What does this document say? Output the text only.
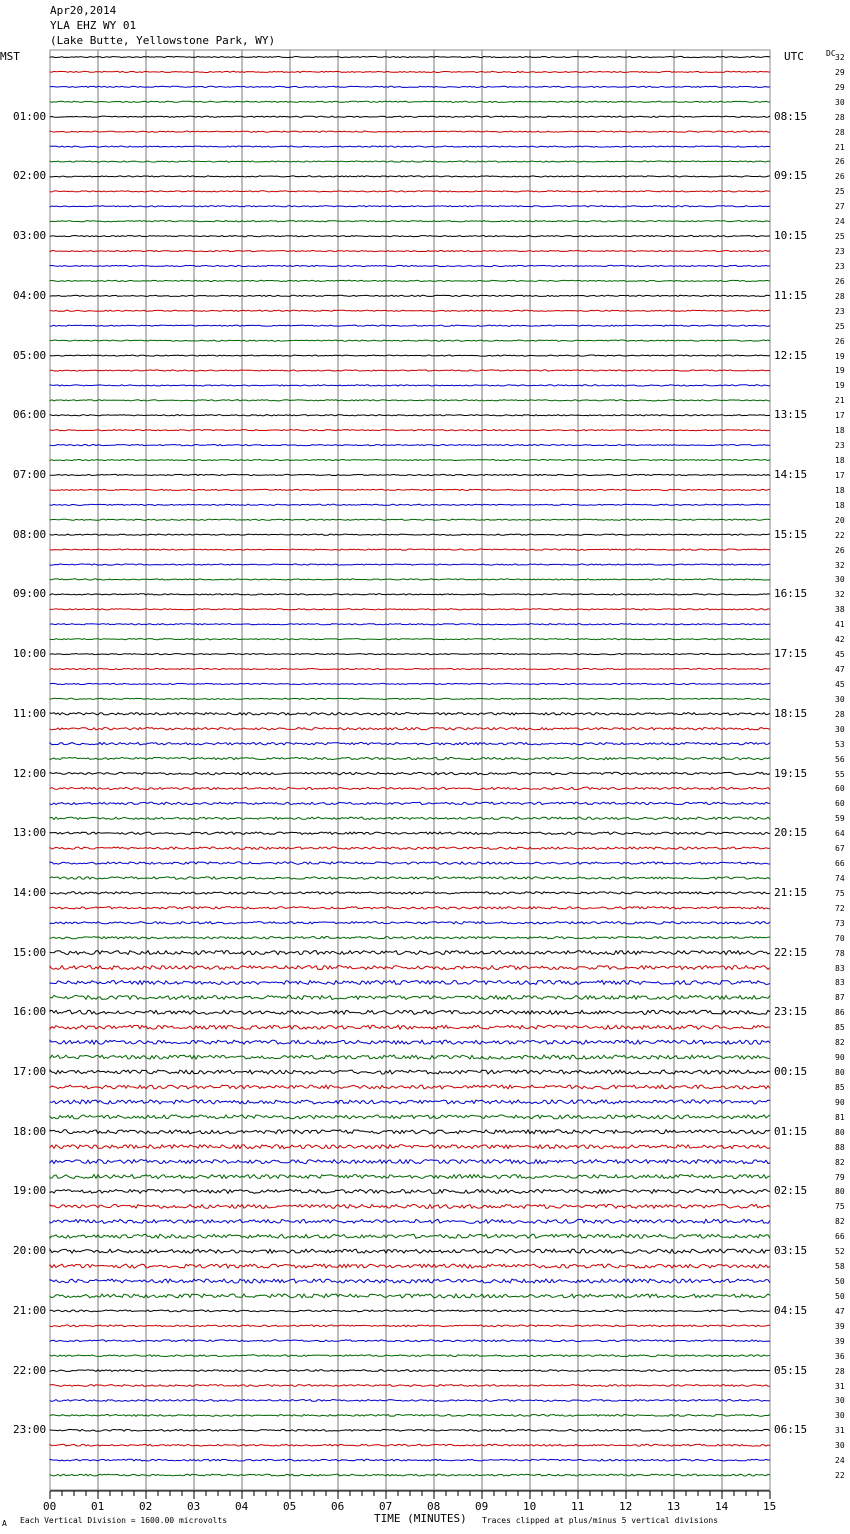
Apr20,2014
YLA EHZ WY 01
(Lake Butte, Yellowstone Park, WY)
MST	UTC	DC
01:00
02:00
03:00
04:00
05:00
06:00
07:00
08:00
09:00
10:00
11:00
12:00
13:00
14:00
15:00
16:00
17:00
18:00
19:00
20:00
21:00
22:00
23:00
08:15
09:15
10:15
11:15
12:15
13:15
14:15
15:15
16:15
17:15
18:15
19:15
20:15
21:15
22:15
23:15
00:15
01:15
02:15
03:15
04:15
05:15
06:15
32
29
29
30
28
28
21
26
26
25
27
24
25
23
23
26
28
23
25
26
19
19
19
21
17
18
23
18
17
18
18
20
22
26
32
30
32
38
41
42
45
47
45
30
28
30
53
56
55
60
60
59
64
67
66
74
75
72
73
70
78
83
83
87
86
85
82
90
80
85
90
81
80
88
82
79
80
75
82
66
52
58
50
50
47
39
39
36
28
31
30
30
31
30
24
22
00	01	02	03	04	05	06	07	08	09	10	11	12	13	14	15
A Each Vertical Division = 1600.00 microvolts	TIME (MINUTES) Traces clipped at plus/minus 5 vertical divisions
